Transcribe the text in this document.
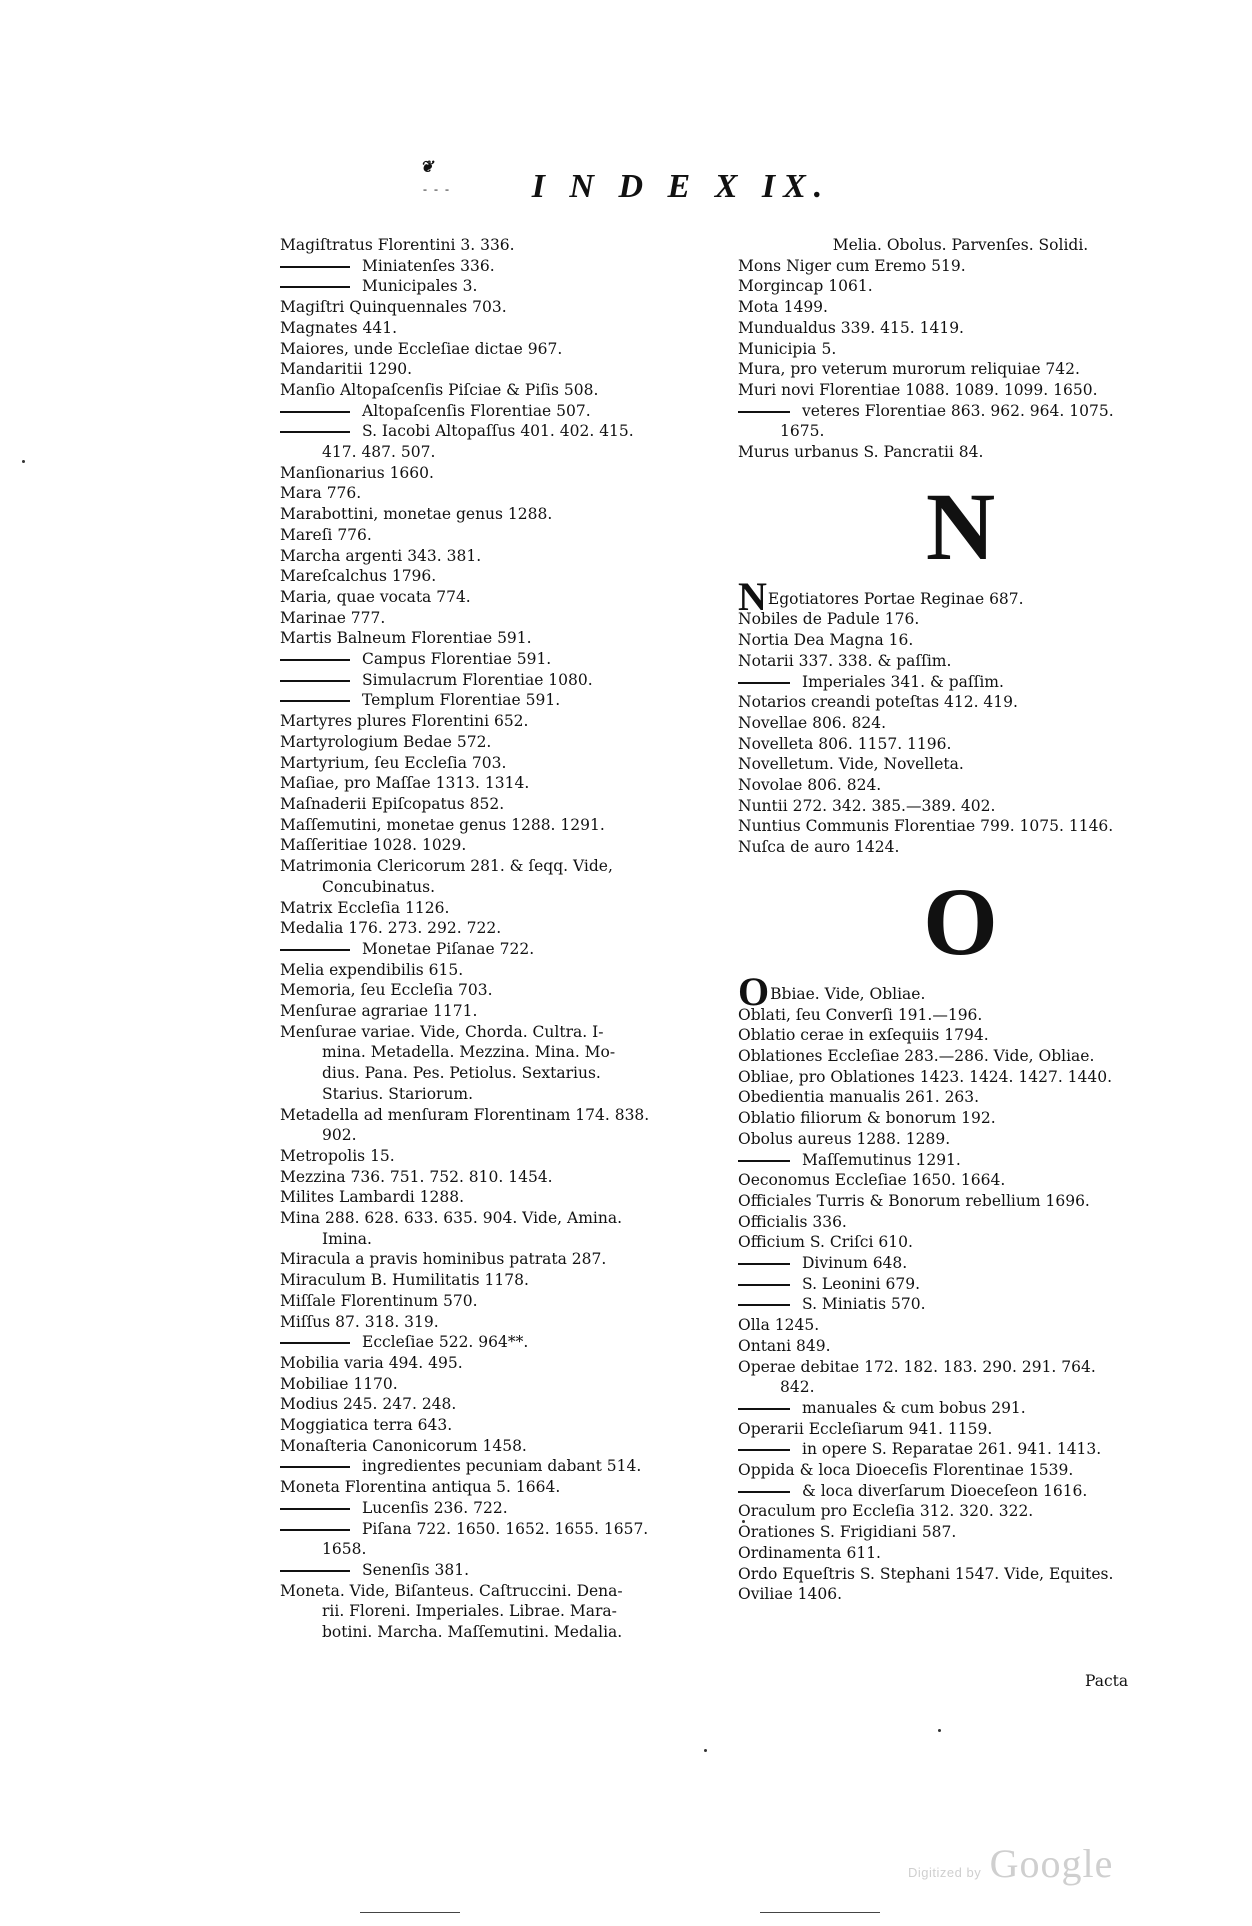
❦
- - - I N D E X IX.
Magiſtratus Florentini 3. 336.
Miniatenſes 336.
Municipales 3.
Magiſtri Quinquennales 703.
Magnates 441.
Maiores, unde Eccleſiae dictae 967.
Mandaritii 1290.
Manſio Altopaſcenſis Piſciae & Piſis 508.
Altopaſcenſis Florentiae 507.
S. Iacobi Altopaſſus 401. 402. 415.
417. 487. 507.
Manſionarius 1660.
Mara 776.
Marabottini, monetae genus 1288.
Mareſi 776.
Marcha argenti 343. 381.
Mareſcalchus 1796.
Maria, quae vocata 774.
Marinae 777.
Martis Balneum Florentiae 591.
Campus Florentiae 591.
Simulacrum Florentiae 1080.
Templum Florentiae 591.
Martyres plures Florentini 652.
Martyrologium Bedae 572.
Martyrium, ſeu Eccleſia 703.
Maſiae, pro Maſſae 1313. 1314.
Maſnaderii Epiſcopatus 852.
Maſſemutini, monetae genus 1288. 1291.
Maſſeritiae 1028. 1029.
Matrimonia Clericorum 281. & ſeqq. Vide,
Concubinatus.
Matrix Eccleſia 1126.
Medalia 176. 273. 292. 722.
Monetae Piſanae 722.
Melia expendibilis 615.
Memoria, ſeu Eccleſia 703.
Menſurae agrariae 1171.
Menſurae variae. Vide, Chorda. Cultra. I-
mina. Metadella. Mezzina. Mina. Mo-
dius. Pana. Pes. Petiolus. Sextarius.
Starius. Stariorum.
Metadella ad menſuram Florentinam 174. 838.
902.
Metropolis 15.
Mezzina 736. 751. 752. 810. 1454.
Milites Lambardi 1288.
Mina 288. 628. 633. 635. 904. Vide, Amina.
Imina.
Miracula a pravis hominibus patrata 287.
Miraculum B. Humilitatis 1178.
Miſſale Florentinum 570.
Miſſus 87. 318. 319.
Eccleſiae 522. 964**.
Mobilia varia 494. 495.
Mobiliae 1170.
Modius 245. 247. 248.
Moggiatica terra 643.
Monaſteria Canonicorum 1458.
ingredientes pecuniam dabant 514.
Moneta Florentina antiqua 5. 1664.
Lucenſis 236. 722.
Piſana 722. 1650. 1652. 1655. 1657.
1658.
Senenſis 381.
Moneta. Vide, Biſanteus. Caſtruccini. Dena-
rii. Floreni. Imperiales. Librae. Mara-
botini. Marcha. Maſſemutini. Medalia.
Melia. Obolus. Parvenſes. Solidi.
Mons Niger cum Eremo 519.
Morgincap 1061.
Mota 1499.
Mundualdus 339. 415. 1419.
Municipia 5.
Mura, pro veterum murorum reliquiae 742.
Muri novi Florentiae 1088. 1089. 1099. 1650.
veteres Florentiae 863. 962. 964. 1075.
1675.
Murus urbanus S. Pancratii 84.
N
NEgotiatores Portae Reginae 687.
Nobiles de Padule 176.
Nortia Dea Magna 16.
Notarii 337. 338. & paſſim.
Imperiales 341. & paſſim.
Notarios creandi poteſtas 412. 419.
Novellae 806. 824.
Novelleta 806. 1157. 1196.
Novelletum. Vide, Novelleta.
Novolae 806. 824.
Nuntii 272. 342. 385.—389. 402.
Nuntius Communis Florentiae 799. 1075. 1146.
Nuſca de auro 1424.
O
OBbiae. Vide, Obliae.
Oblati, ſeu Converſi 191.—196.
Oblatio cerae in exſequiis 1794.
Oblationes Eccleſiae 283.—286. Vide, Obliae.
Obliae, pro Oblationes 1423. 1424. 1427. 1440.
Obedientia manualis 261. 263.
Oblatio filiorum & bonorum 192.
Obolus aureus 1288. 1289.
Maſſemutinus 1291.
Oeconomus Eccleſiae 1650. 1664.
Officiales Turris & Bonorum rebellium 1696.
Officialis 336.
Officium S. Criſci 610.
Divinum 648.
S. Leonini 679.
S. Miniatis 570.
Olla 1245.
Ontani 849.
Operae debitae 172. 182. 183. 290. 291. 764.
842.
manuales & cum bobus 291.
Operarii Eccleſiarum 941. 1159.
in opere S. Reparatae 261. 941. 1413.
Oppida & loca Dioeceſis Florentinae 1539.
& loca diverſarum Dioeceſeon 1616.
Oraculum pro Eccleſia 312. 320. 322.
Orationes S. Frigidiani 587.
Ordinamenta 611.
Ordo Equeſtris S. Stephani 1547. Vide, Equites.
Oviliae 1406.
Pacta
Digitized by Google
